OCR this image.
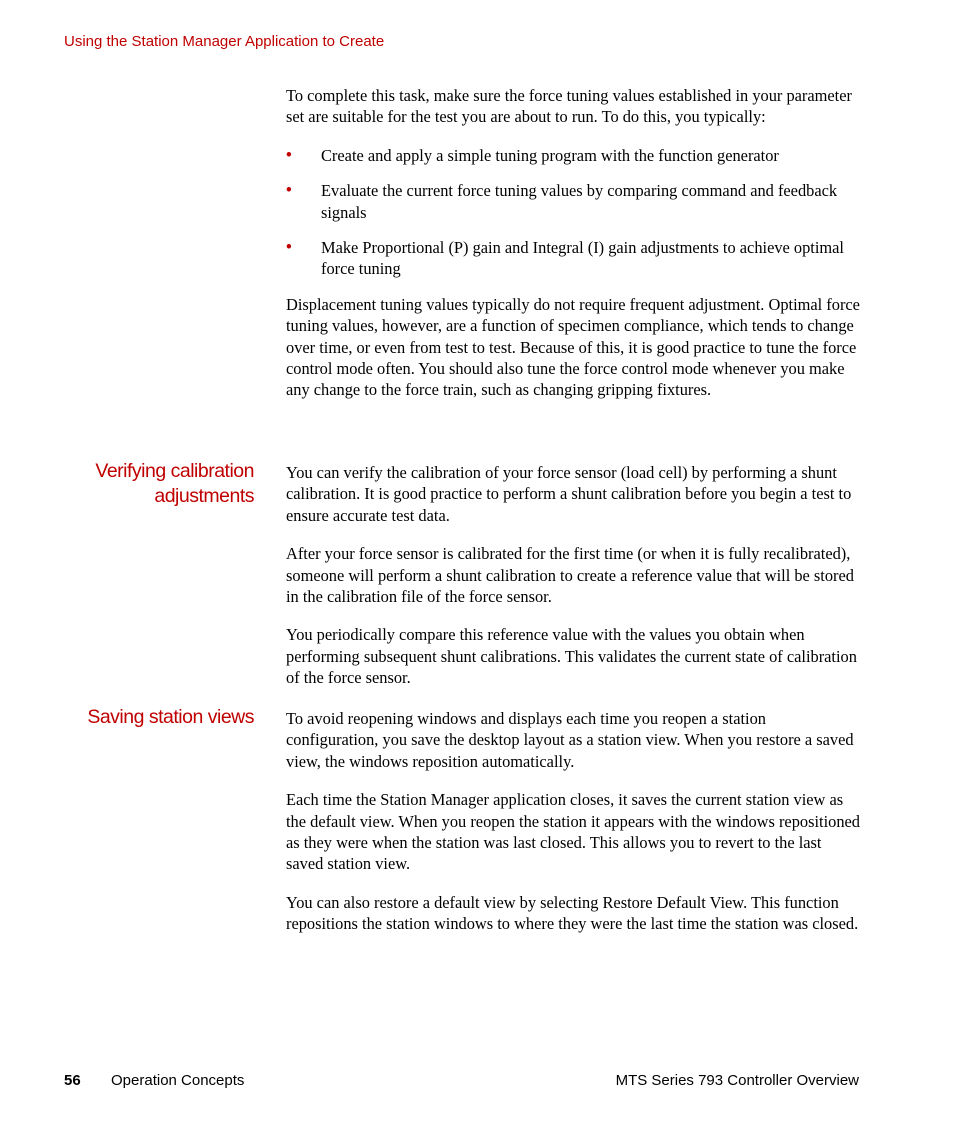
Using the Station Manager Application to Create

To complete this task, make sure the force tuning values established in your parameter set are suitable for the test you are about to run. To do this, you typically:

• Create and apply a simple tuning program with the function generator
• Evaluate the current force tuning values by comparing command and feedback signals
• Make Proportional (P) gain and Integral (I) gain adjustments to achieve optimal force tuning

Displacement tuning values typically do not require frequent adjustment. Optimal force tuning values, however, are a function of specimen compliance, which tends to change over time, or even from test to test. Because of this, it is good practice to tune the force control mode often. You should also tune the force control mode whenever you make any change to the force train, such as changing gripping fixtures.

Verifying calibration
adjustments

You can verify the calibration of your force sensor (load cell) by performing a shunt calibration. It is good practice to perform a shunt calibration before you begin a test to ensure accurate test data.

After your force sensor is calibrated for the first time (or when it is fully recalibrated), someone will perform a shunt calibration to create a reference value that will be stored in the calibration file of the force sensor.

You periodically compare this reference value with the values you obtain when performing subsequent shunt calibrations. This validates the current state of calibration of the force sensor.

Saving station views To avoid reopening windows and displays each time you reopen a station configuration, you save the desktop layout as a station view. When you restore a saved view, the windows reposition automatically.

Each time the Station Manager application closes, it saves the current station view as the default view. When you reopen the station it appears with the windows repositioned as they were when the station was last closed. This allows you to revert to the last saved station view.

You can also restore a default view by selecting Restore Default View. This function repositions the station windows to where they were the last time the station was closed.

56 Operation Concepts	MTS Series 793 Controller Overview
